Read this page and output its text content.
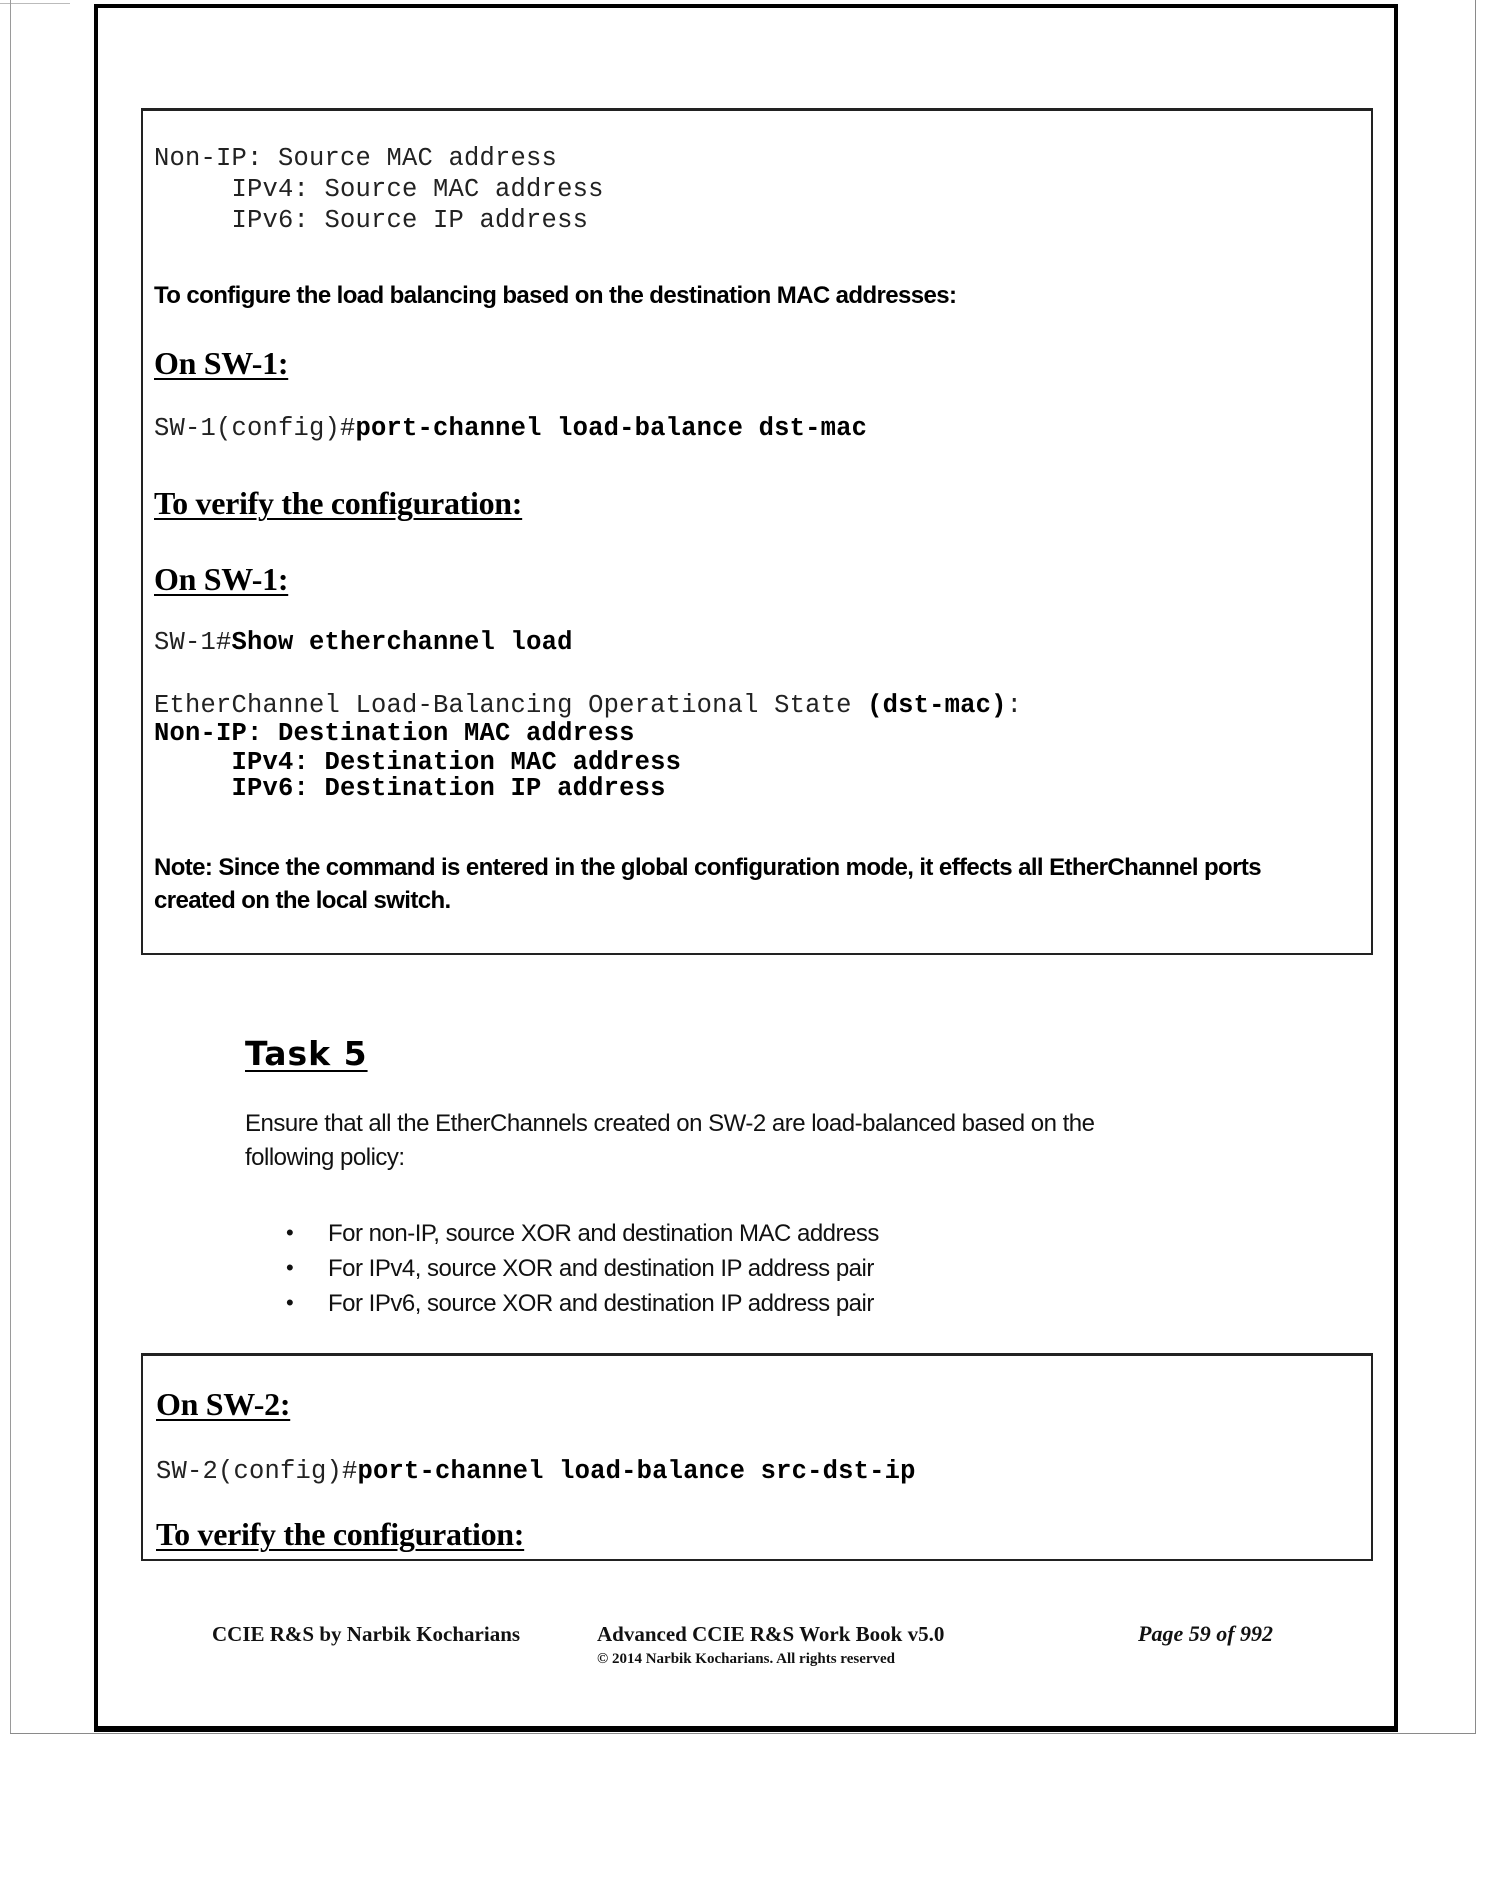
Non-IP: Source MAC address
IPv4: Source MAC address
IPv6: Source IP address
To configure the load balancing based on the destination MAC addresses:
On SW-1:
SW-1(config)#port-channel load-balance dst-mac
To verify the configuration:
On SW-1:
SW-1#Show etherchannel load
EtherChannel Load-Balancing Operational State (dst-mac):
Non-IP: Destination MAC address
IPv4: Destination MAC address
IPv6: Destination IP address
Note: Since the command is entered in the global configuration mode, it effects all EtherChannel ports
created on the local switch.
Task 5
Ensure that all the EtherChannels created on SW-2 are load-balanced based on the
following policy:
• For non-IP, source XOR and destination MAC address
• For IPv4, source XOR and destination IP address pair
• For IPv6, source XOR and destination IP address pair
On SW-2:
SW-2(config)#port-channel load-balance src-dst-ip
To verify the configuration:
CCIE R&S by Narbik Kocharians	Advanced CCIE R&S Work Book v5.0
© 2014 Narbik Kocharians. All rights reserved
Page 59 of 992
